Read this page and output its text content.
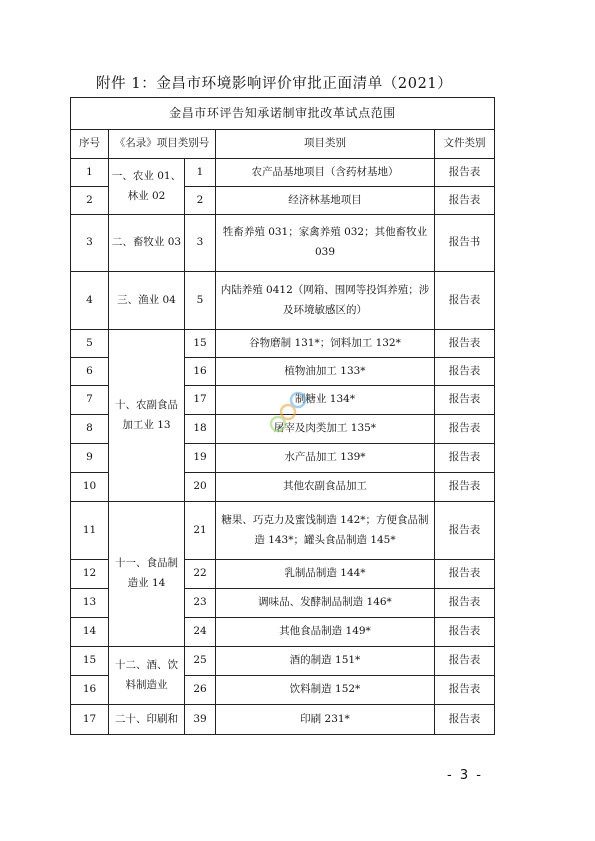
附件 1：金昌市环境影响评价审批正面清单（2021）
金昌市环评告知承诺制审批改革试点范围				
序号	《名录》项目类别号		项目类别	文件类别
1	一、农业 01、林业 02	1	农产品基地项目（含药材基地）	报告表
2		2	经济林基地项目	报告表
3	二、畜牧业 03	3	牲畜养殖 031；家禽养殖 032；其他畜牧业 039	报告书
4	三、渔业 04	5	内陆养殖 0412（网箱、围网等投饵养殖；涉及环境敏感区的）	报告表
5	十、农副食品加工业 13	15	谷物磨制 131*；饲料加工 132*	报告表
6		16	植物油加工 133*	报告表
7		17	制糖业 134*	报告表
8		18	屠宰及肉类加工 135*	报告表
9		19	水产品加工 139*	报告表
10		20	其他农副食品加工	报告表
11	十一、食品制造业 14	21	糖果、巧克力及蜜饯制造 142*；方便食品制造 143*；罐头食品制造 145*	报告表
12		22	乳制品制造 144*	报告表
13		23	调味品、发酵制品制造 146*	报告表
14		24	其他食品制造 149*	报告表
15	十二、酒、饮料制造业	25	酒的制造 151*	报告表
16		26	饮料制造 152*	报告表
17	二十、印刷和	39	印刷 231*	报告表
- 3 -
